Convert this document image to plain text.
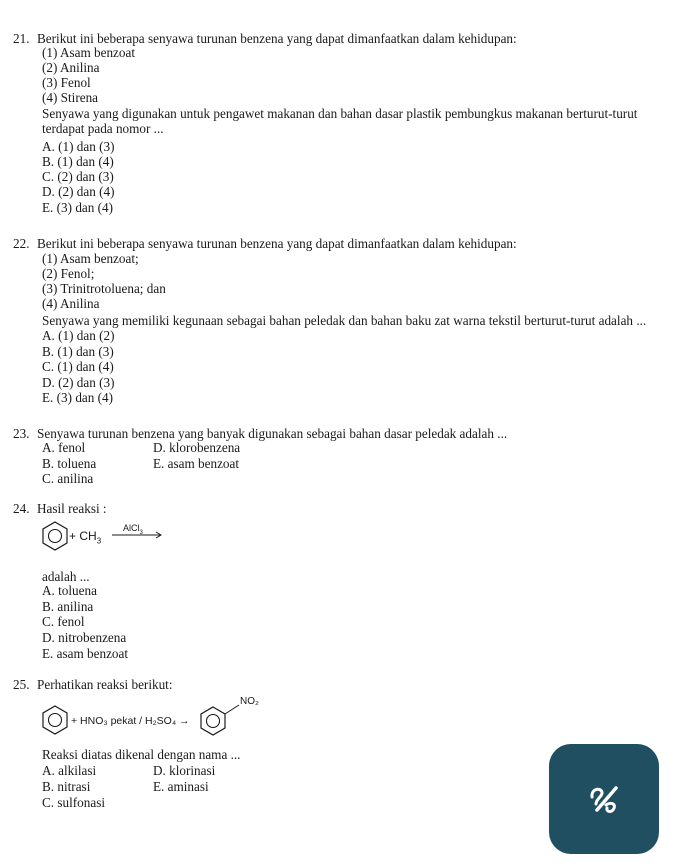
21. Berikut ini beberapa senyawa turunan benzena yang dapat dimanfaatkan dalam kehidupan:
(1) Asam benzoat
(2) Anilina
(3) Fenol
(4) Stirena
Senyawa yang digunakan untuk pengawet makanan dan bahan dasar plastik pembungkus makanan berturut-turut
terdapat pada nomor ...
A. (1) dan (3)
B. (1) dan (4)
C. (2) dan (3)
D. (2) dan (4)
E. (3) dan (4)
22. Berikut ini beberapa senyawa turunan benzena yang dapat dimanfaatkan dalam kehidupan:
(1) Asam benzoat;
(2) Fenol;
(3) Trinitrotoluena; dan
(4) Anilina
Senyawa yang memiliki kegunaan sebagai bahan peledak dan bahan baku zat warna tekstil berturut-turut adalah ...
A. (1) dan (2)
B. (1) dan (3)
C. (1) dan (4)
D. (2) dan (3)
E. (3) dan (4)
23. Senyawa turunan benzena yang banyak digunakan sebagai bahan dasar peledak adalah ...
A. fenol
B. toluena
C. anilina
D. klorobenzena
E. asam benzoat
24. Hasil reaksi :
+ $CH_3$
AlCl$_3$
adalah ...
A. toluena
B. anilina
C. fenol
D. nitrobenzena
E. asam benzoat
25. Perhatikan reaksi berikut:
+ HNO₃ pekat / H₂SO₄ →
NO₂
Reaksi diatas dikenal dengan nama ...
A. alkilasi
B. nitrasi
C. sulfonasi
D. klorinasi
E. aminasi
